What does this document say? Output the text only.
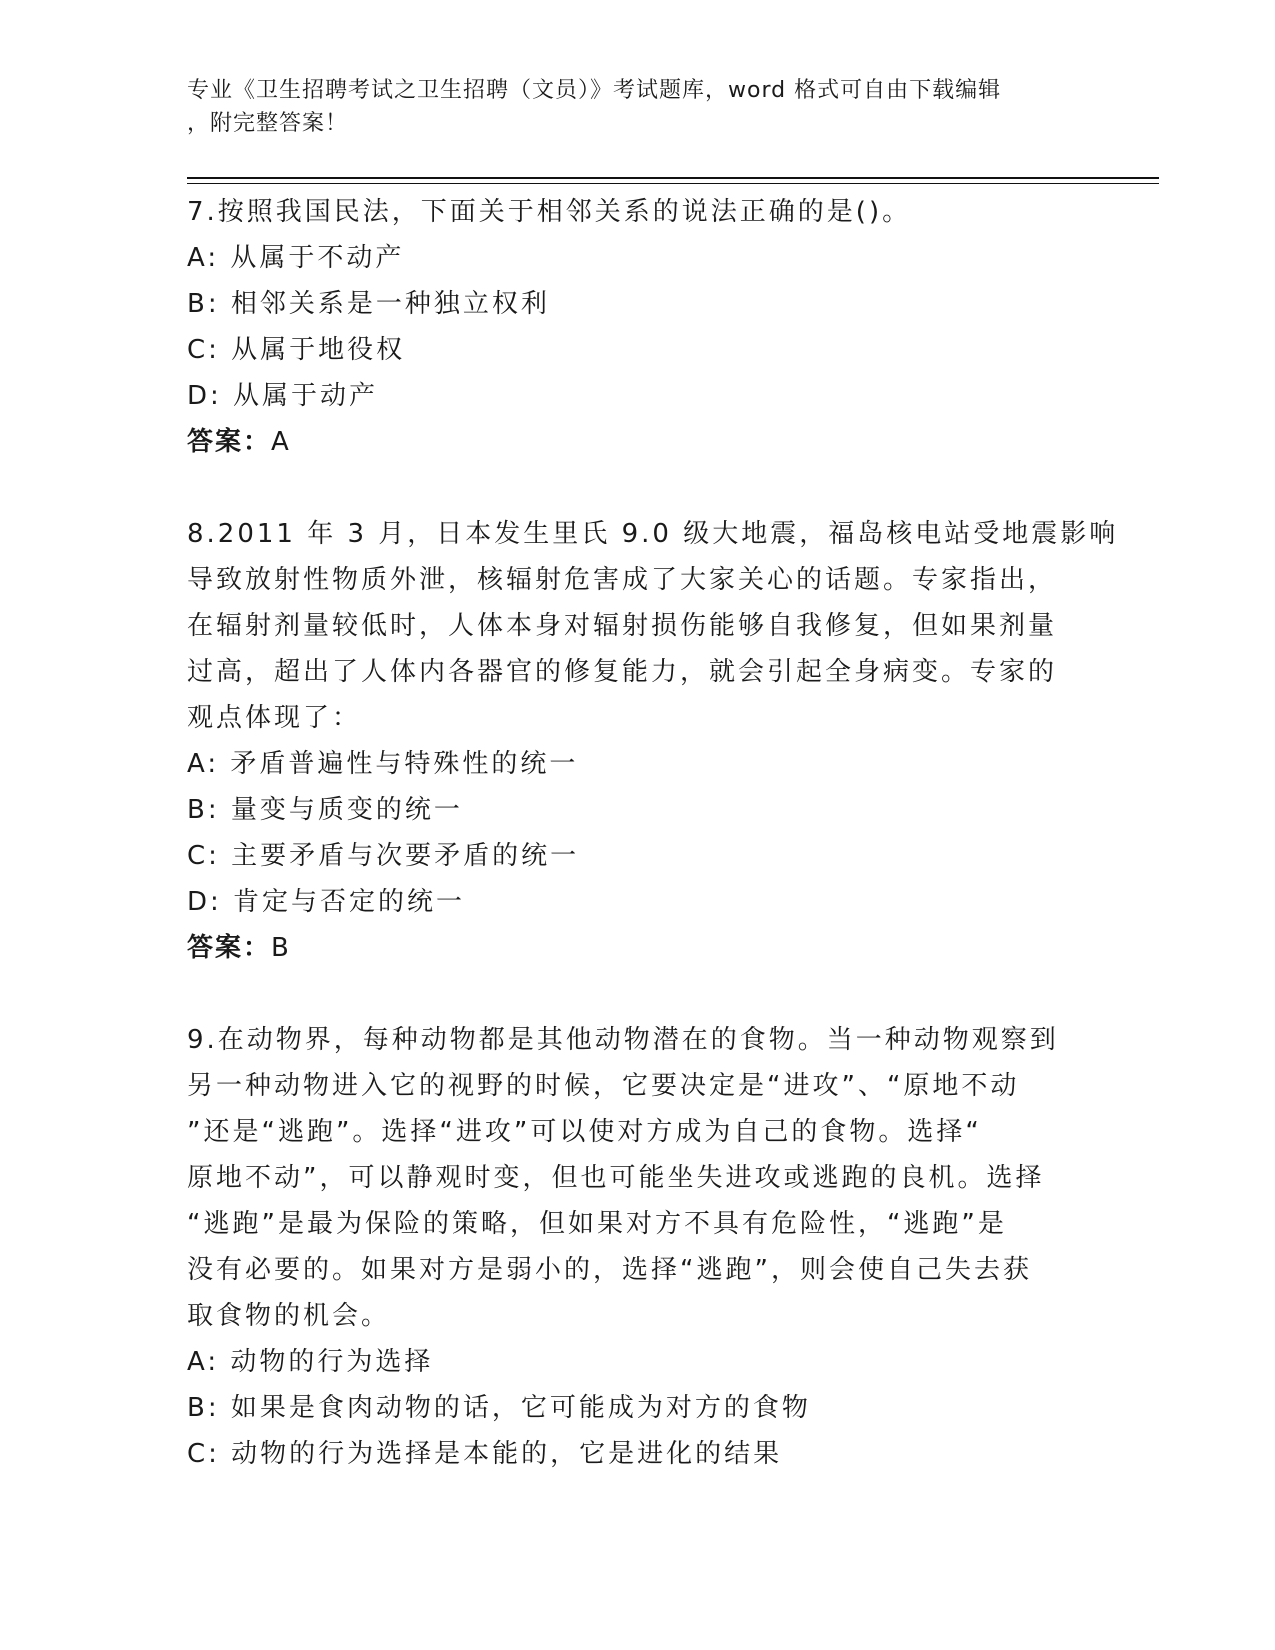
专业《卫生招聘考试之卫生招聘（文员）》考试题库，word 格式可自由下载编辑
，附完整答案！
7.按照我国民法，下面关于相邻关系的说法正确的是()。
A: 从属于不动产
B: 相邻关系是一种独立权利
C: 从属于地役权
D: 从属于动产
答案：A
8.2011 年 3 月，日本发生里氏 9.0 级大地震，福岛核电站受地震影响
导致放射性物质外泄，核辐射危害成了大家关心的话题。专家指出，
在辐射剂量较低时，人体本身对辐射损伤能够自我修复，但如果剂量
过高，超出了人体内各器官的修复能力，就会引起全身病变。专家的
观点体现了：
A: 矛盾普遍性与特殊性的统一
B: 量变与质变的统一
C: 主要矛盾与次要矛盾的统一
D: 肯定与否定的统一
答案：B
9.在动物界，每种动物都是其他动物潜在的食物。当一种动物观察到
另一种动物进入它的视野的时候，它要决定是“进攻”、“原地不动
”还是“逃跑”。选择“进攻”可以使对方成为自己的食物。选择“
原地不动”，可以静观时变，但也可能坐失进攻或逃跑的良机。选择
“逃跑”是最为保险的策略，但如果对方不具有危险性，“逃跑”是
没有必要的。如果对方是弱小的，选择“逃跑”，则会使自己失去获
取食物的机会。
A: 动物的行为选择
B: 如果是食肉动物的话，它可能成为对方的食物
C: 动物的行为选择是本能的，它是进化的结果
